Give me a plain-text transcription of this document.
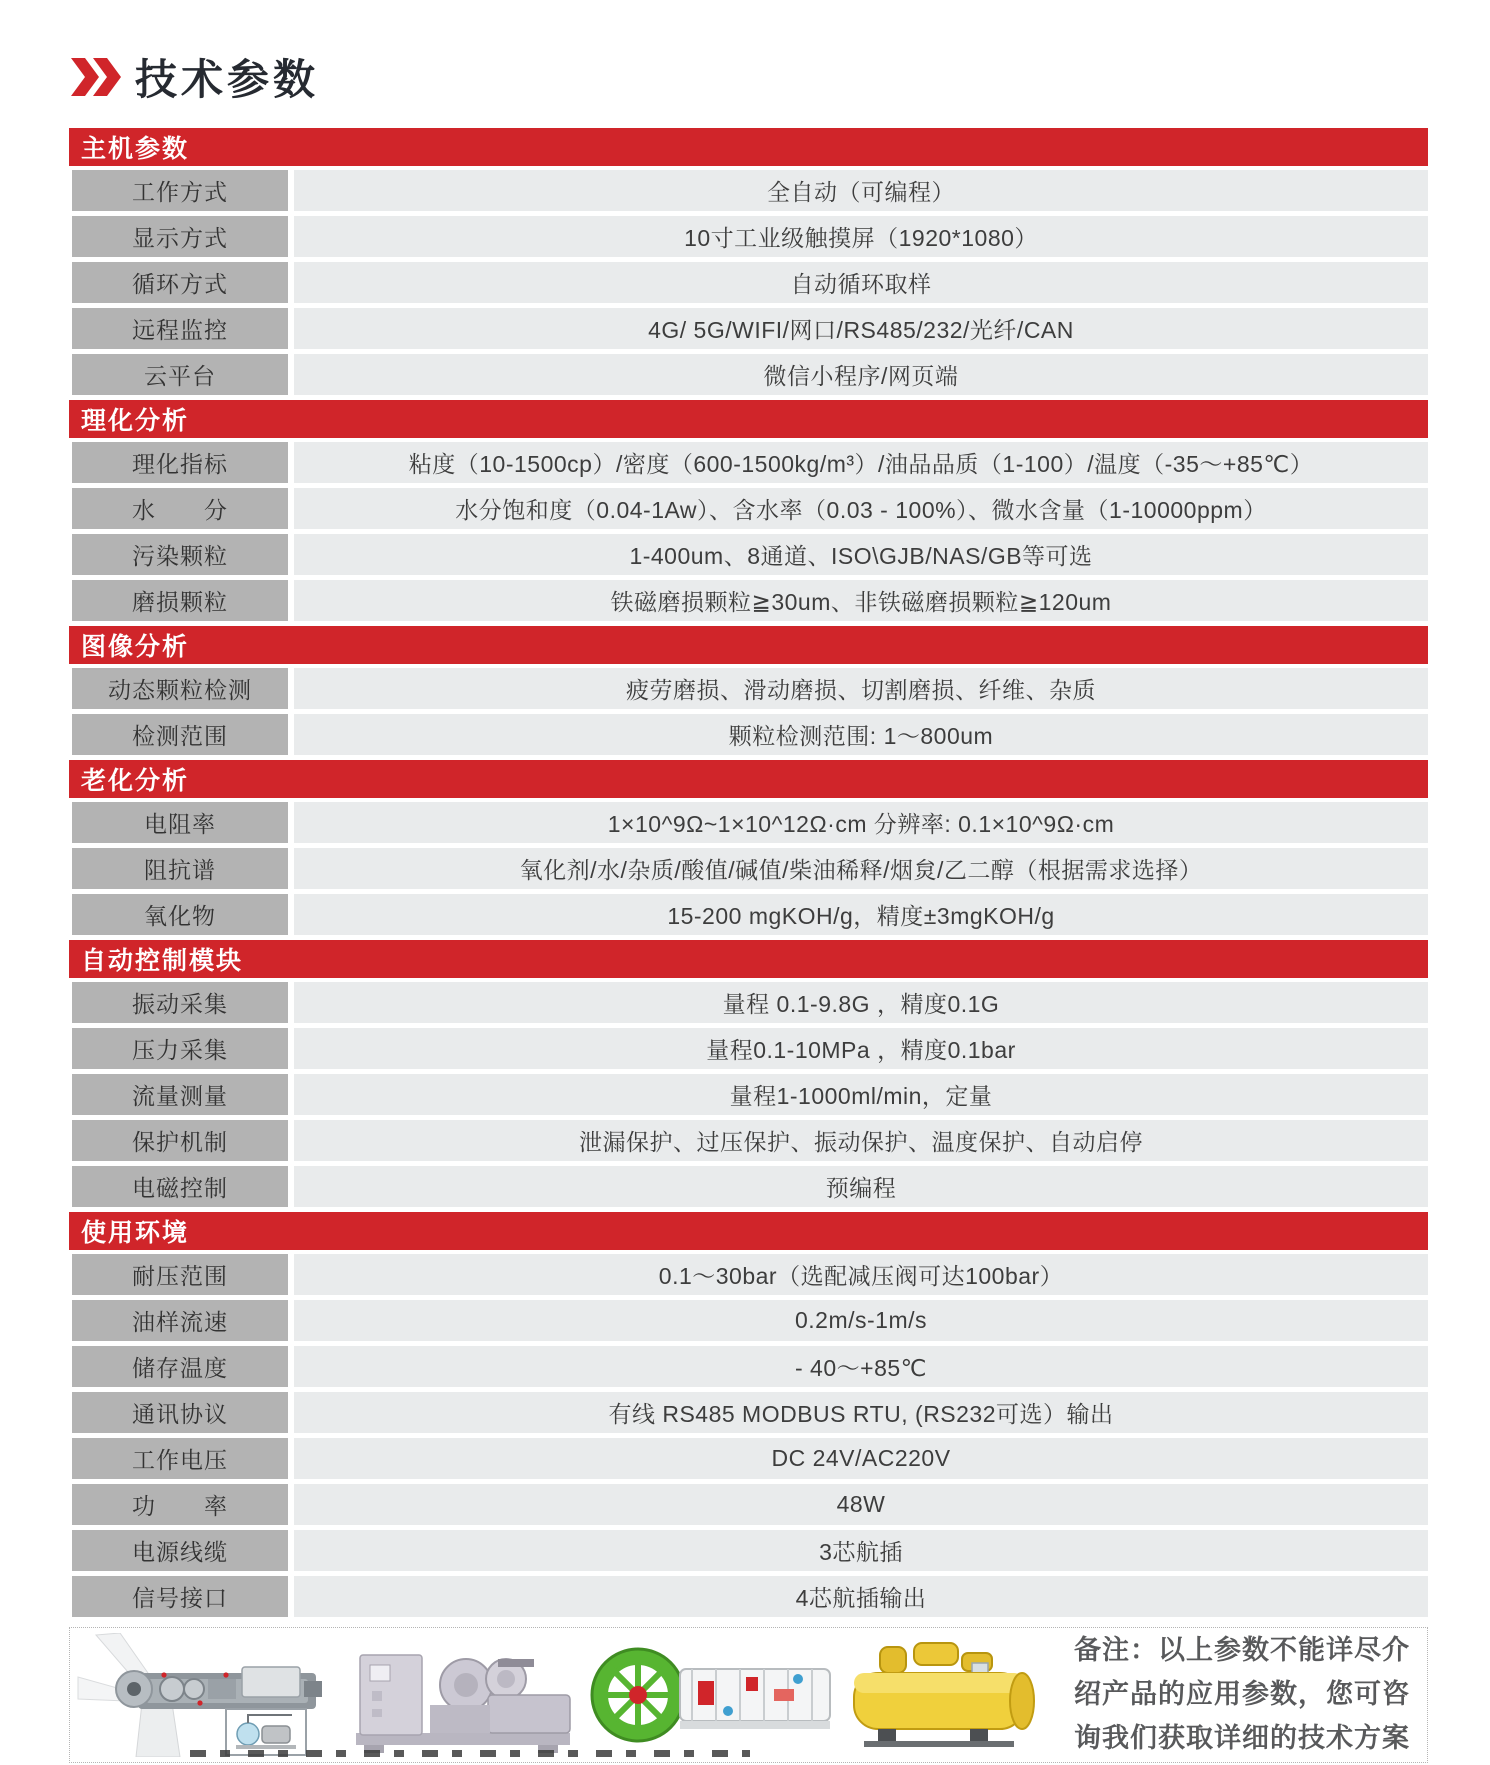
技术参数
主机参数
工作方式	全自动（可编程）
显示方式	10寸工业级触摸屏（1920*1080）
循环方式	自动循环取样
远程监控	4G/ 5G/WIFI/网口/RS485/232/光纤/CAN
云平台	微信小程序/网页端
理化分析
理化指标	粘度（10-1500cp）/密度（600-1500kg/m³）/油品品质（1-100）/温度（-35～+85℃）
水　　分	水分饱和度（0.04-1Aw）、含水率（0.03 - 100%）、微水含量（1-10000ppm）
污染颗粒	1-400um、8通道、ISO\GJB/NAS/GB等可选
磨损颗粒	铁磁磨损颗粒≧30um、非铁磁磨损颗粒≧120um
图像分析
动态颗粒检测	疲劳磨损、滑动磨损、切割磨损、纤维、杂质
检测范围	颗粒检测范围: 1～800um
老化分析
电阻率	1×10^9Ω~1×10^12Ω·cm 分辨率: 0.1×10^9Ω·cm
阻抗谱	氧化剂/水/杂质/酸值/碱值/柴油稀释/烟炱/乙二醇（根据需求选择）
氧化物	15-200 mgKOH/g，精度±3mgKOH/g
自动控制模块
振动采集	量程 0.1-9.8G ，精度0.1G
压力采集	量程0.1-10MPa ，精度0.1bar
流量测量	量程1-1000ml/min，定量
保护机制	泄漏保护、过压保护、振动保护、温度保护、自动启停
电磁控制	预编程
使用环境
耐压范围	0.1～30bar（选配减压阀可达100bar）
油样流速	0.2m/s-1m/s
储存温度	- 40～+85℃
通讯协议	有线 RS485 MODBUS RTU, (RS232可选）输出
工作电压	DC 24V/AC220V
功　　率	48W
电源线缆	3芯航插
信号接口	4芯航插输出
备注：以上参数不能详尽介绍产品的应用参数，您可咨询我们获取详细的技术方案
